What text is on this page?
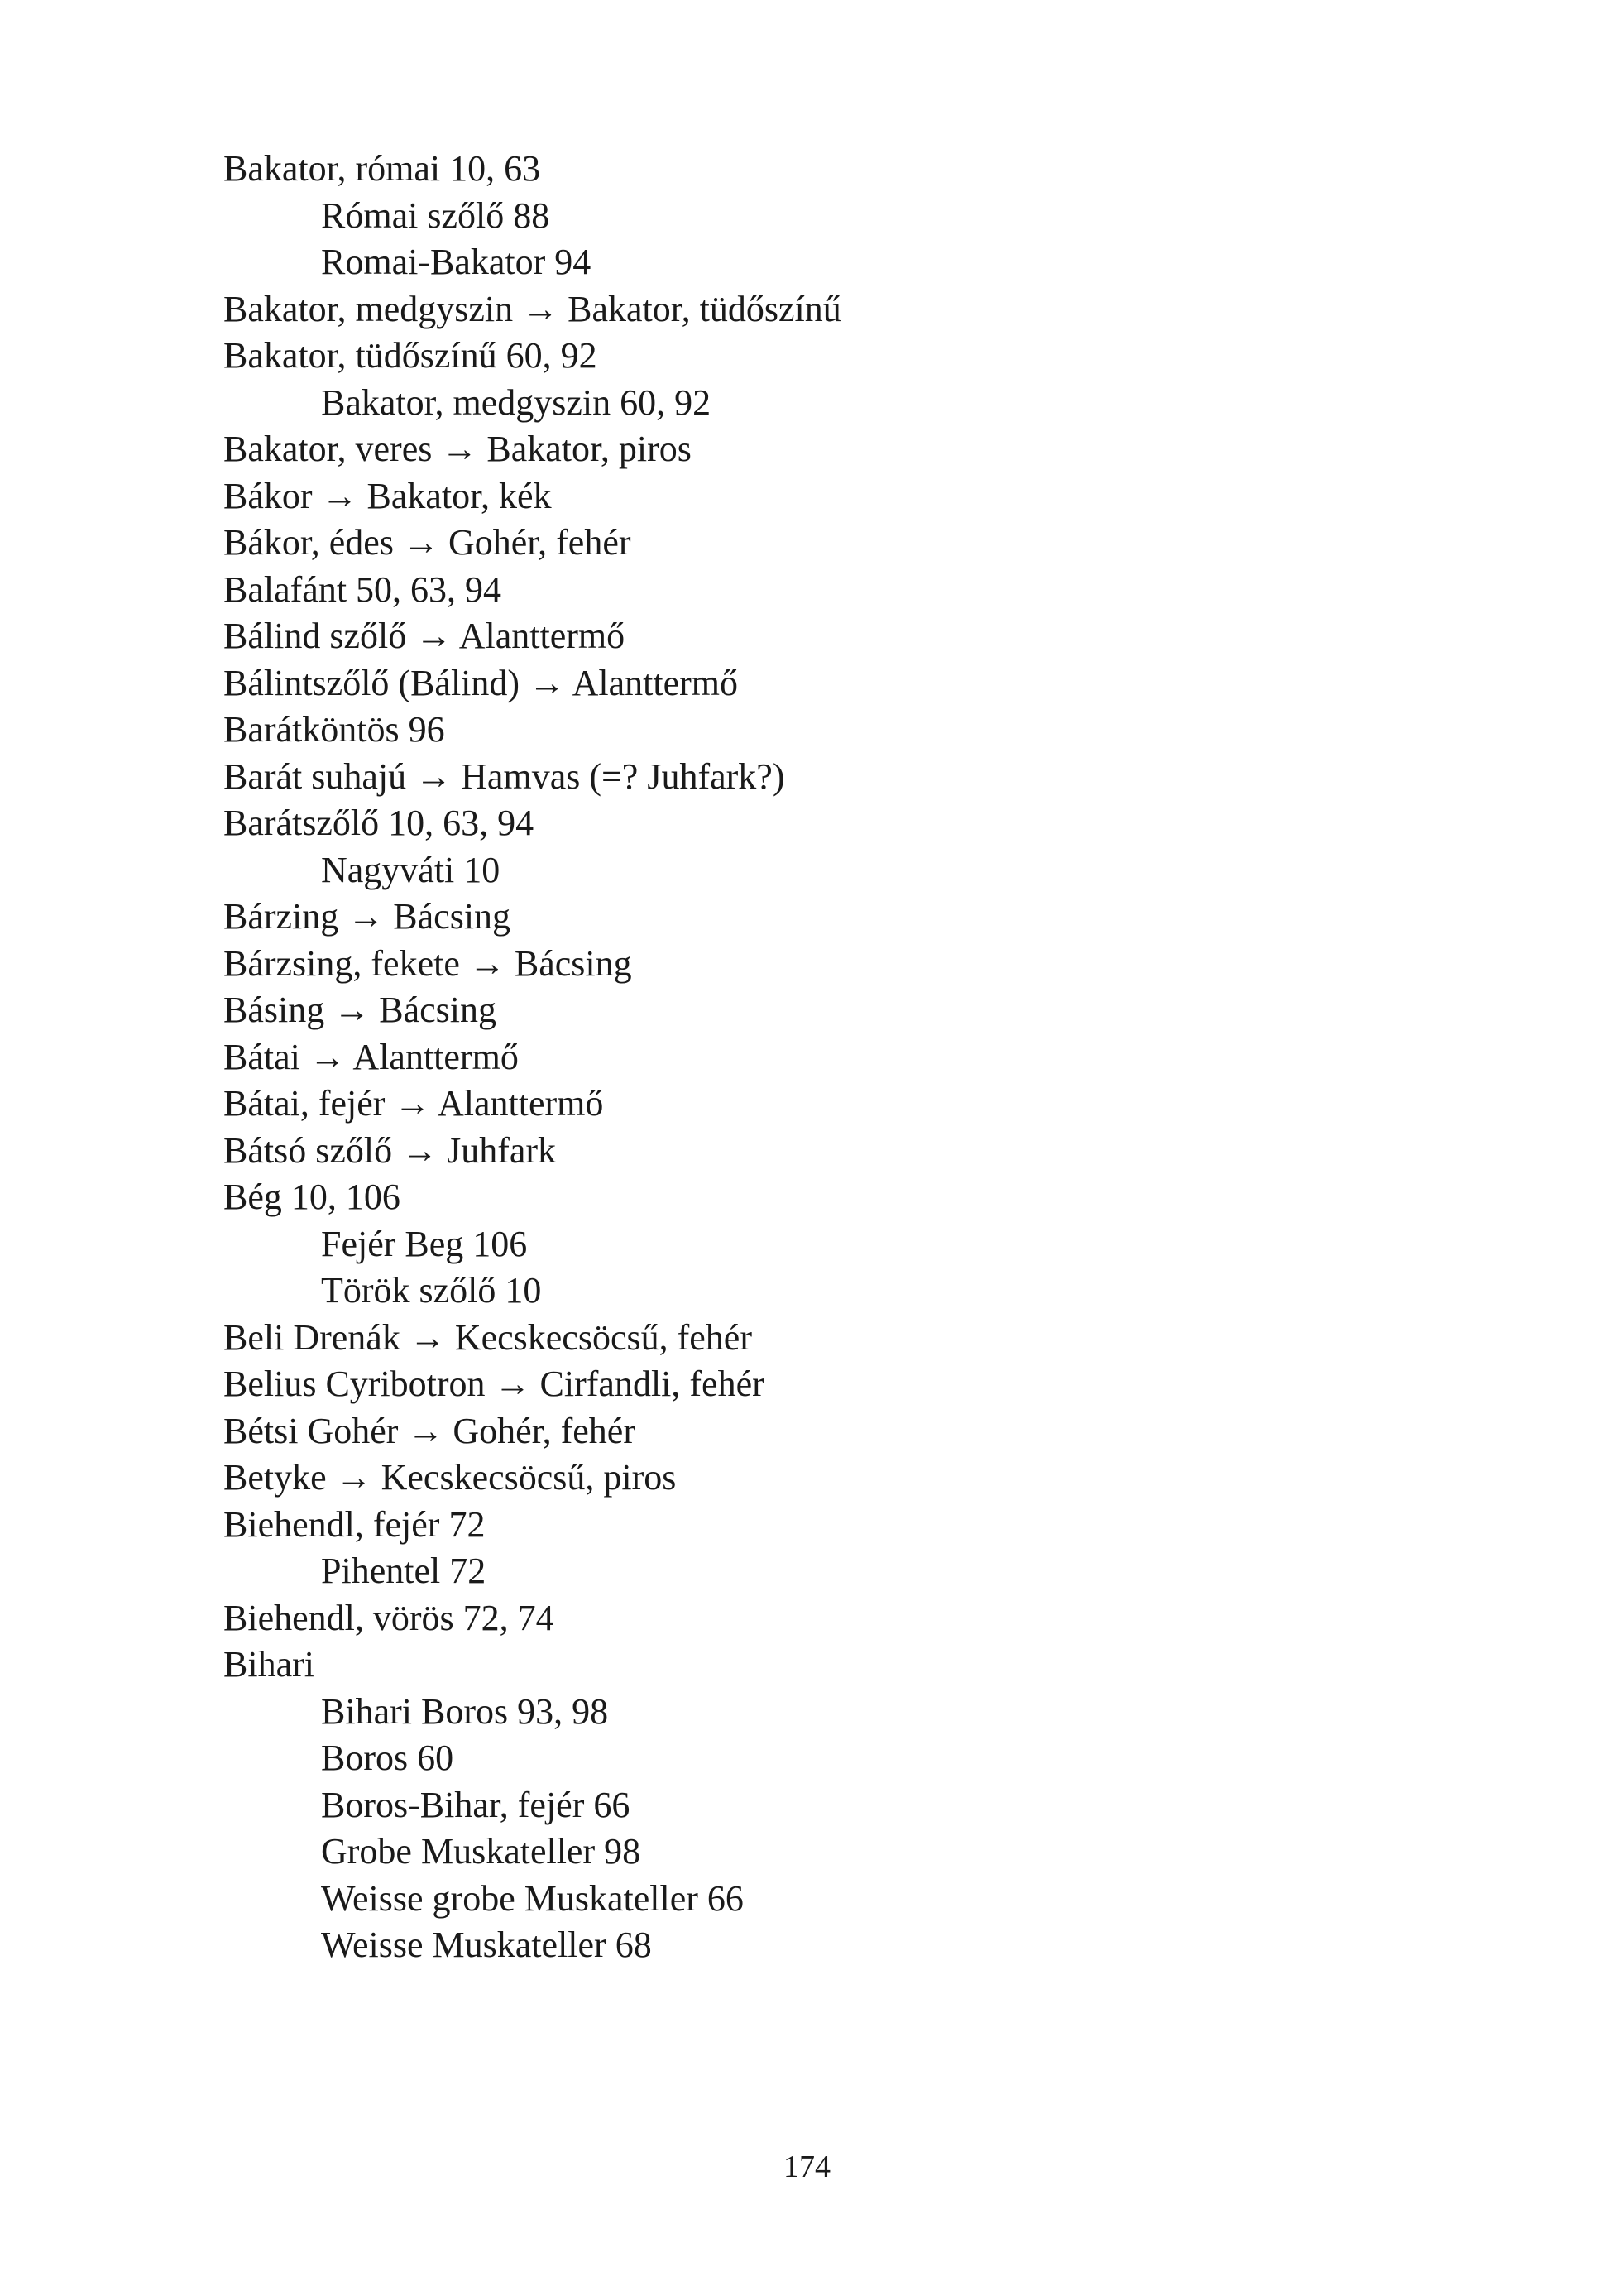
Bakator, római 10, 63
Római szőlő 88
Romai-Bakator 94
Bakator, medgyszin → Bakator, tüdőszínű
Bakator, tüdőszínű 60, 92
Bakator, medgyszin 60, 92
Bakator, veres → Bakator, piros
Bákor → Bakator, kék
Bákor, édes → Gohér, fehér
Balafánt 50, 63, 94
Bálind szőlő → Alanttermő
Bálintszőlő (Bálind) → Alanttermő
Barátköntös 96
Barát suhajú → Hamvas (=? Juhfark?)
Barátszőlő 10, 63, 94
Nagyváti 10
Bárzing → Bácsing
Bárzsing, fekete → Bácsing
Básing → Bácsing
Bátai → Alanttermő
Bátai, fejér → Alanttermő
Bátsó szőlő → Juhfark
Bég 10, 106
Fejér Beg 106
Török szőlő 10
Beli Drenák → Kecskecsöcsű, fehér
Belius Cyribotron → Cirfandli, fehér
Bétsi Gohér → Gohér, fehér
Betyke → Kecskecsöcsű, piros
Biehendl, fejér 72
Pihentel 72
Biehendl, vörös 72, 74
Bihari
Bihari Boros 93, 98
Boros 60
Boros-Bihar, fejér 66
Grobe Muskateller 98
Weisse grobe Muskateller 66
Weisse Muskateller 68
174
